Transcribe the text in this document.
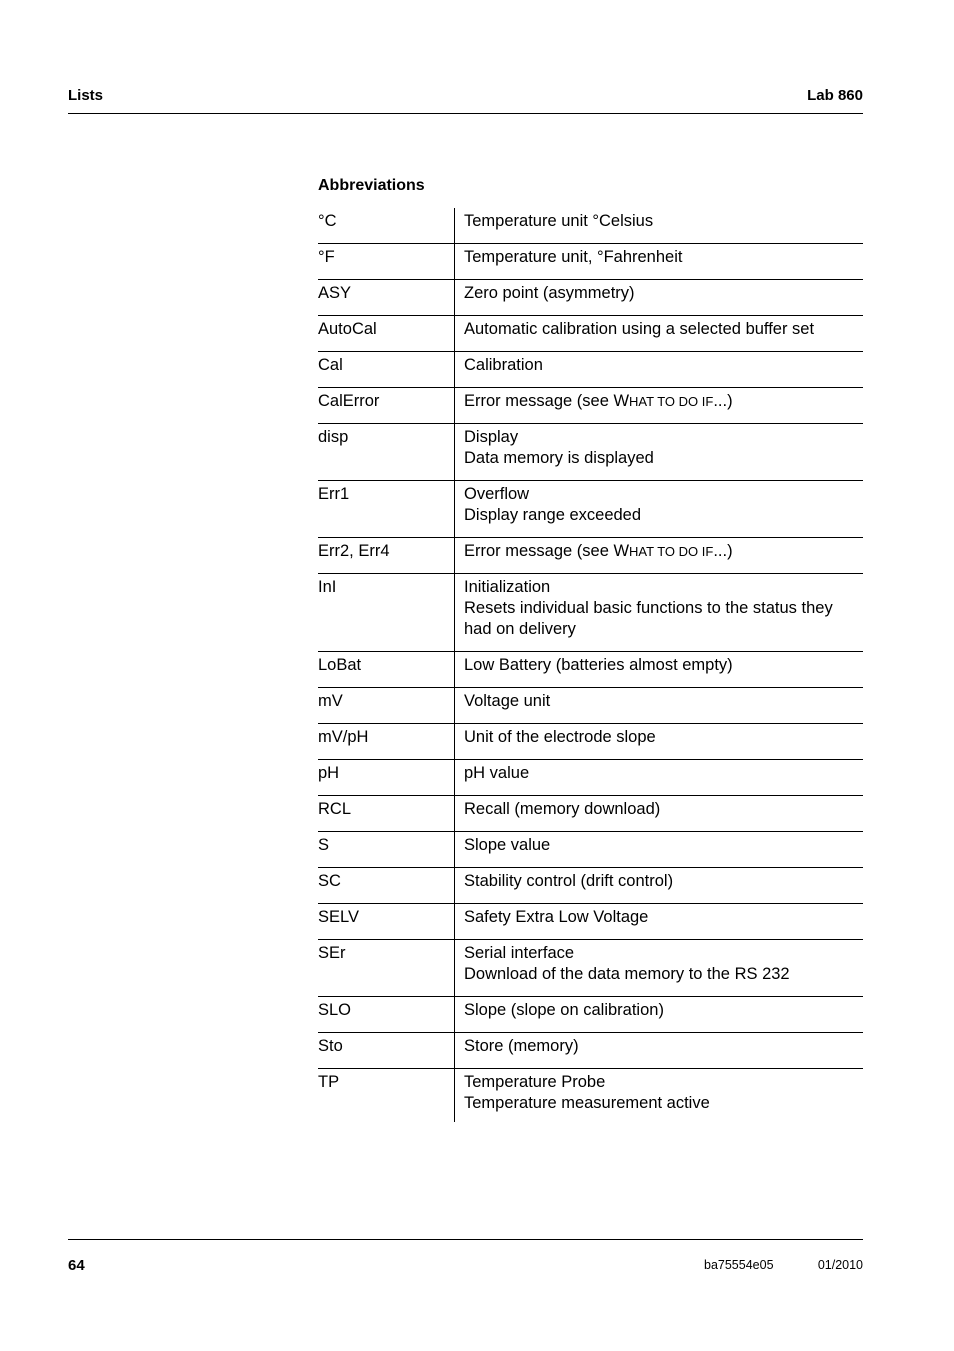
Lists	Lab 860
Abbreviations
°C	Temperature unit °Celsius

°F	Temperature unit, °Fahrenheit

ASY	Zero point (asymmetry)

AutoCal	Automatic calibration using a selected buffer set

Cal	Calibration

CalError	Error message (see WHAT TO DO IF...)

disp	Display
Data memory is displayed

Err1	Overflow
Display range exceeded

Err2, Err4	Error message (see WHAT TO DO IF...)

InI	Initialization
Resets individual basic functions to the status they had on delivery

LoBat	Low Battery (batteries almost empty)

mV	Voltage unit

mV/pH	Unit of the electrode slope

pH	pH value

RCL	Recall (memory download)

S	Slope value

SC	Stability control (drift control)

SELV	Safety Extra Low Voltage

SEr	Serial interface
Download of the data memory to the RS 232

SLO	Slope (slope on calibration)

Sto	Store (memory)

TP	Temperature Probe
Temperature measurement active
64	ba75554e05	01/2010
